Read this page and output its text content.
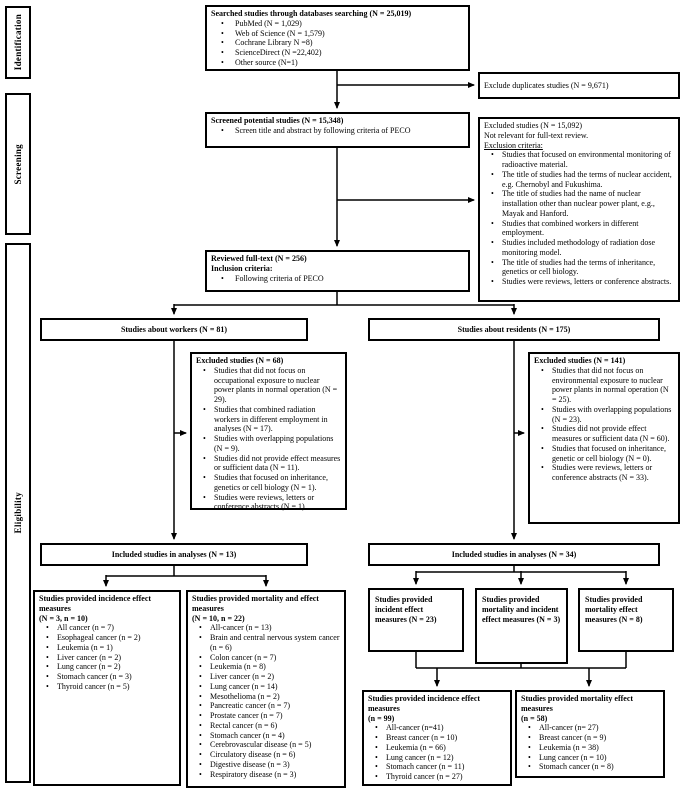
Identification
Screening
Eligibility
Searched studies through databases searching (N = 25,019)
• PubMed (N = 1,029)
• Web of Science (N = 1,579)
• Cochrane Library N =8)
• ScienceDirect (N =22,402)
• Other source (N=1)
Exclude duplicates studies (N = 9,671)
Screened potential studies (N = 15,348)
• Screen title and abstract by following criteria of PECO
Excluded studies (N = 15,092)
Not relevant for full-text review.
Exclusion criteria:
• Studies that focused on environmental monitoring of radioactive material.
• The title of studies had the terms of nuclear accident, e.g. Chernobyl and Fukushima.
• The title of studies had the name of nuclear installation other than nuclear power plant, e.g., Mayak and Hanford.
• Studies that combined workers in different employment.
• Studies included methodology of radiation dose monitoring model.
• The title of studies had the terms of inheritance, genetics or cell biology.
• Studies were reviews, letters or conference abstracts.
Reviewed full-text (N = 256)
Inclusion criteria:
• Following criteria of PECO
Studies about workers (N = 81)	Studies about residents (N = 175)
Excluded studies (N = 68)
• Studies that did not focus on occupational exposure to nuclear power plants in normal operation (N = 29).
• Studies that combined radiation workers in different employment in analyses (N = 17).
• Studies with overlapping populations (N = 9).
• Studies did not provide effect measures or sufficient data (N = 11).
• Studies that focused on inheritance, genetics or cell biology (N = 1).
• Studies were reviews, letters or conference abstracts (N = 1).
Excluded studies (N = 141)
• Studies that did not focus on environmental exposure to nuclear power plants in normal operation (N = 25).
• Studies with overlapping populations (N = 23).
• Studies did not provide effect measures or sufficient data (N = 60).
• Studies that focused on inheritance, genetic or cell biology (N = 0).
• Studies were reviews, letters or conference abstracts (N = 33).
Included studies in analyses (N = 13)	Included studies in analyses (N = 34)
Studies provided incidence effect measures
(N = 3, n = 10)
• All cancer (n = 7)
• Esophageal cancer (n = 2)
• Leukemia (n = 1)
• Liver cancer (n = 2)
• Lung cancer (n = 2)
• Stomach cancer (n = 3)
• Thyroid cancer (n = 5)
Studies provided mortality and effect measures
(N = 10, n = 22)
• All-cancer (n = 13)
• Brain and central nervous system cancer (n = 6)
• Colon cancer (n = 7)
• Leukemia (n = 8)
• Liver cancer (n = 2)
• Lung cancer (n = 14)
• Mesothelioma (n = 2)
• Pancreatic cancer (n = 7)
• Prostate cancer (n = 7)
• Rectal cancer (n = 6)
• Stomach cancer (n = 4)
• Cerebrovascular disease (n = 5)
• Circulatory disease (n = 6)
• Digestive disease (n = 3)
• Respiratory disease (n = 3)
Studies provided incident effect measures (N = 23)
Studies provided mortality and incident effect measures (N = 3)
Studies provided mortality effect measures (N = 8)
Studies provided incidence effect measures
(n = 99)
• All-cancer (n=41)
• Breast cancer (n = 10)
• Leukemia (n = 66)
• Lung cancer (n = 12)
• Stomach cancer (n = 11)
• Thyroid cancer (n = 27)
Studies provided mortality effect measures
(n = 58)
• All-cancer (n= 27)
• Breast cancer (n = 9)
• Leukemia (n = 38)
• Lung cancer (n = 10)
• Stomach cancer (n = 8)
